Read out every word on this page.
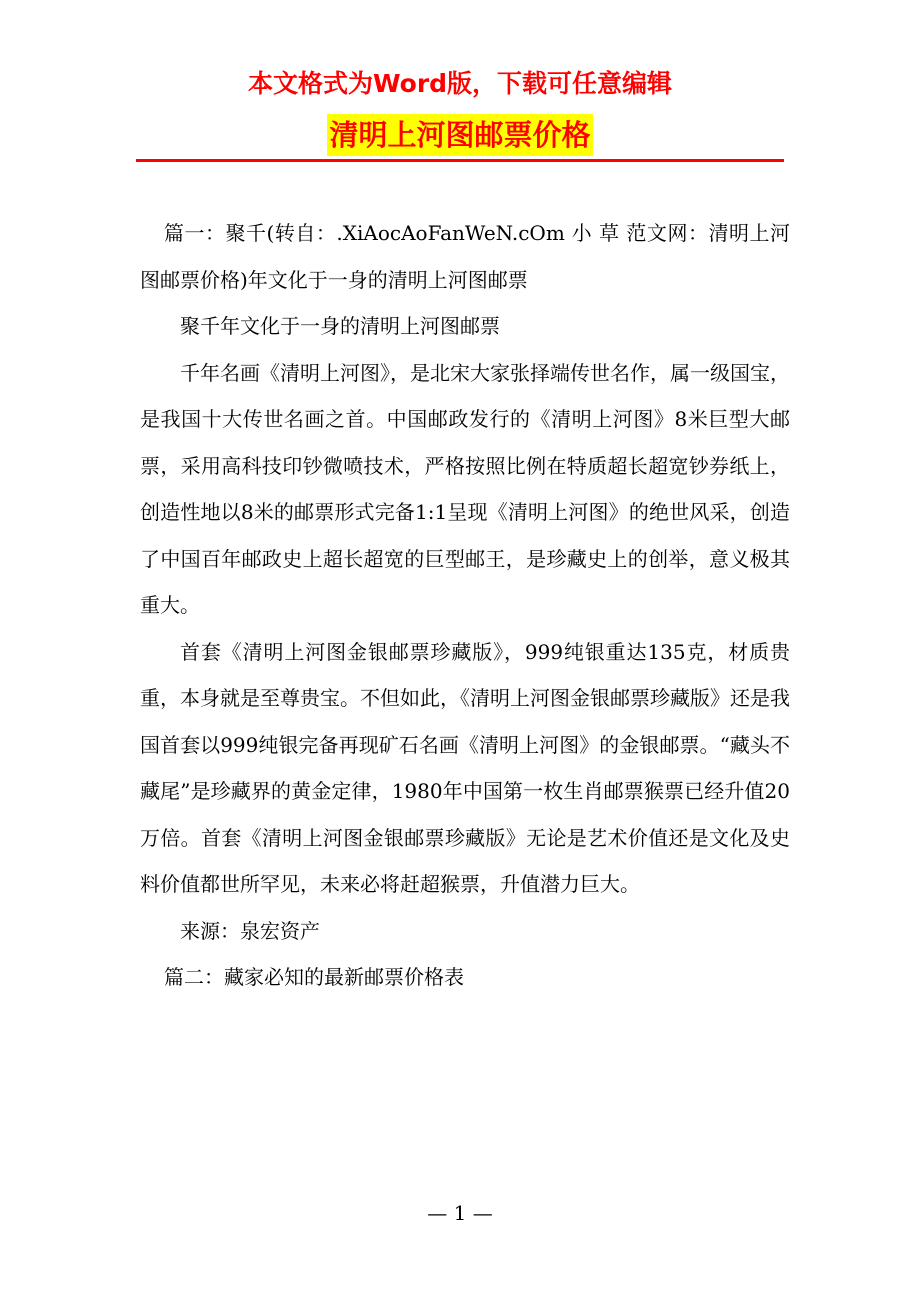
本文格式为Word版，下载可任意编辑
清明上河图邮票价格

篇一：聚千(转自：.XiAocAoFanWeN.cOm 小 草 范文网：清明上河图邮票价格)年文化于一身的清明上河图邮票

聚千年文化于一身的清明上河图邮票

千年名画《清明上河图》，是北宋大家张择端传世名作，属一级国宝，是我国十大传世名画之首。中国邮政发行的《清明上河图》8米巨型大邮票，采用高科技印钞微喷技术，严格按照比例在特质超长超宽钞券纸上，创造性地以8米的邮票形式完备1:1呈现《清明上河图》的绝世风采，创造了中国百年邮政史上超长超宽的巨型邮王，是珍藏史上的创举，意义极其重大。

首套《清明上河图金银邮票珍藏版》，999纯银重达135克，材质贵重，本身就是至尊贵宝。不但如此，《清明上河图金银邮票珍藏版》还是我国首套以999纯银完备再现矿石名画《清明上河图》的金银邮票。“藏头不藏尾”是珍藏界的黄金定律，1980年中国第一枚生肖邮票猴票已经升值20万倍。首套《清明上河图金银邮票珍藏版》无论是艺术价值还是文化及史料价值都世所罕见，未来必将赶超猴票，升值潜力巨大。

来源：泉宏资产

篇二：藏家必知的最新邮票价格表

— 1 —
